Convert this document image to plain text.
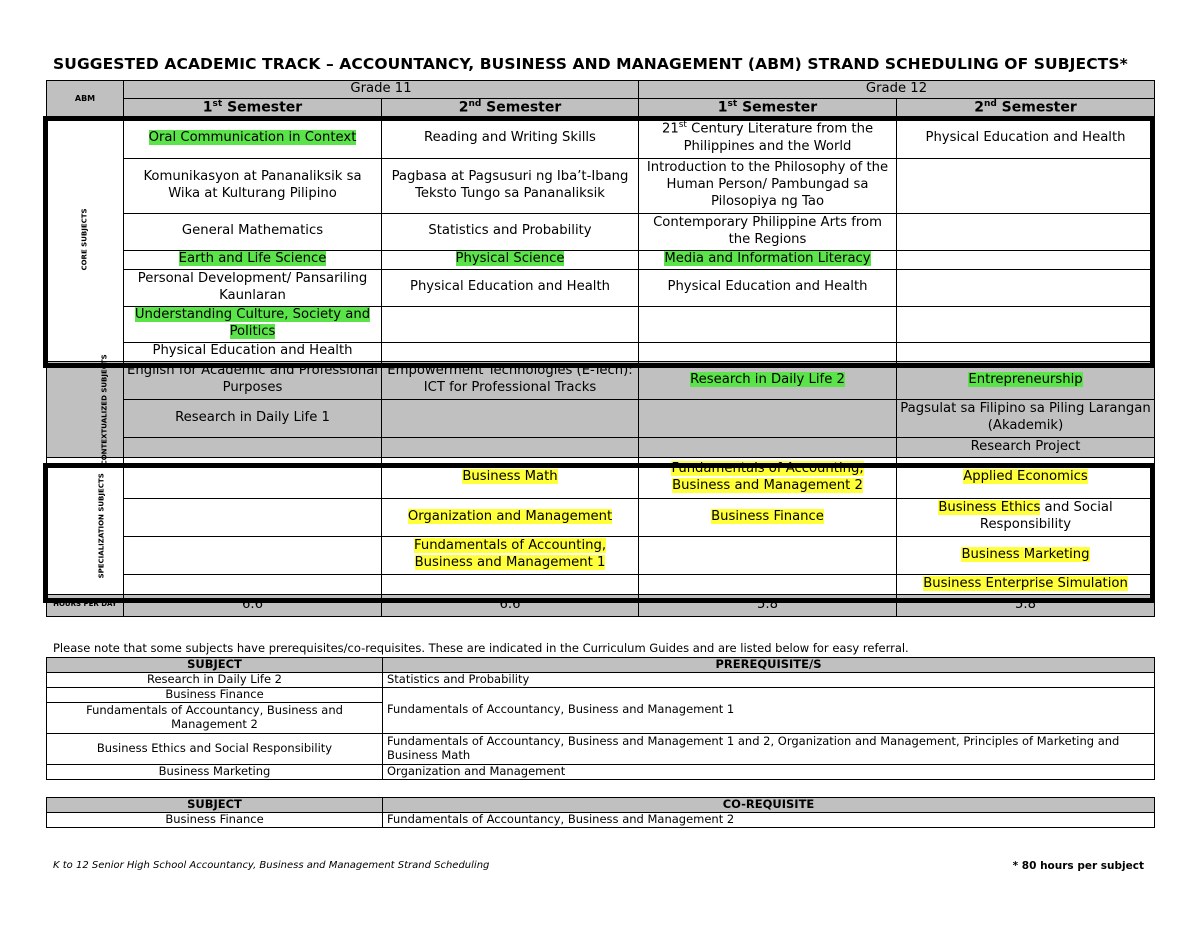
SUGGESTED ACADEMIC TRACK – ACCOUNTANCY, BUSINESS AND MANAGEMENT (ABM) STRAND SCHEDULING OF SUBJECTS*
ABM	Grade 11		Grade 12	
	1st Semester	2nd Semester	1st Semester	2nd Semester
CORE SUBJECTS	Oral Communication in Context	Reading and Writing Skills	21st Century Literature from the Philippines and the World	Physical Education and Health
	Komunikasyon at Pananaliksik sa Wika at Kulturang Pilipino	Pagbasa at Pagsusuri ng Iba’t-Ibang Teksto Tungo sa Pananaliksik	Introduction to the Philosophy of the Human Person/ Pambungad sa Pilosopiya ng Tao	
	General Mathematics	Statistics and Probability	Contemporary Philippine Arts from the Regions	
	Earth and Life Science	Physical Science	Media and Information Literacy	
	Personal Development/ Pansariling Kaunlaran	Physical Education and Health	Physical Education and Health	
	Understanding Culture, Society and Politics			
	Physical Education and Health			
CONTEXTUALIZED SUBJECTS	English for Academic and Professional Purposes	Empowerment Technologies (E-Tech): ICT for Professional Tracks	Research in Daily Life 2	Entrepreneurship
	Research in Daily Life 1			Pagsulat sa Filipino sa Piling Larangan (Akademik)
				Research Project
SPECIALIZATION SUBJECTS		Business Math	Fundamentals of Accounting, Business and Management 2	Applied Economics
		Organization and Management	Business Finance	Business Ethics and Social Responsibility
		Fundamentals of Accounting, Business and Management 1		Business Marketing
				Business Enterprise Simulation
HOURS PER DAY	6.6	6.6	5.8	5.8
Please note that some subjects have prerequisites/co-requisites. These are indicated in the Curriculum Guides and are listed below for easy referral.
SUBJECT	PREREQUISITE/S
Research in Daily Life 2	Statistics and Probability
Business Finance	Fundamentals of Accountancy, Business and Management 1
Fundamentals of Accountancy, Business and Management 2	
Business Ethics and Social Responsibility	Fundamentals of Accountancy, Business and Management 1 and 2, Organization and Management, Principles of Marketing and Business Math
Business Marketing	Organization and Management
SUBJECT	CO-REQUISITE
Business Finance	Fundamentals of Accountancy, Business and Management 2
K to 12 Senior High School Accountancy, Business and Management Strand Scheduling	* 80 hours per subject
